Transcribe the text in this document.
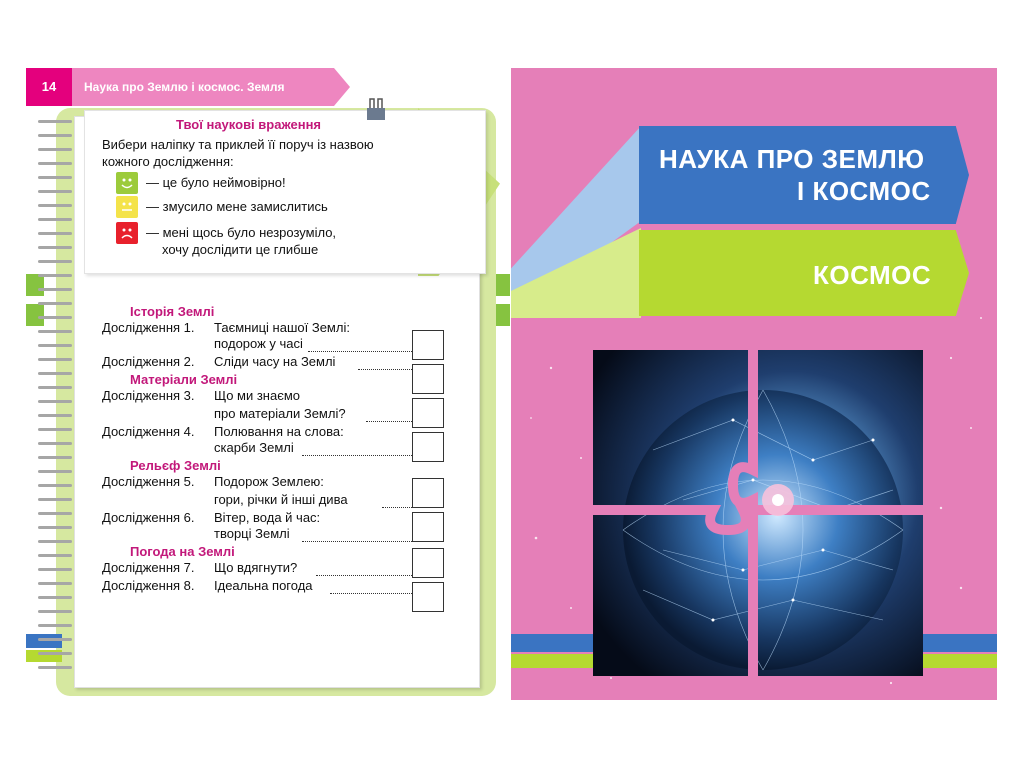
14	Наука про Землю і космос. Земля
Твої наукові враження
Вибери наліпку та приклей її поруч із назвою кожного дослідження:
— це було неймовірно!
— змусило мене замислитись
— мені щось було незрозуміло,
хочу дослідити це глибше
Історія Землі
Дослідження 1. Таємниці нашої Землі:
подорож у часі
Дослідження 2. Сліди часу на Землі
Матеріали Землі
Дослідження 3. Що ми знаємо
про матеріали Землі?
Дослідження 4. Полювання на слова:
скарби Землі
Рельєф Землі
Дослідження 5. Подорож Землею:
гори, річки й інші дива
Дослідження 6. Вітер, вода й час:
творці Землі
Погода на Землі
Дослідження 7. Що вдягнути?
Дослідження 8. Ідеальна погода
НАУКА ПРО ЗЕМЛЮ
І КОСМОС
КОСМОС
